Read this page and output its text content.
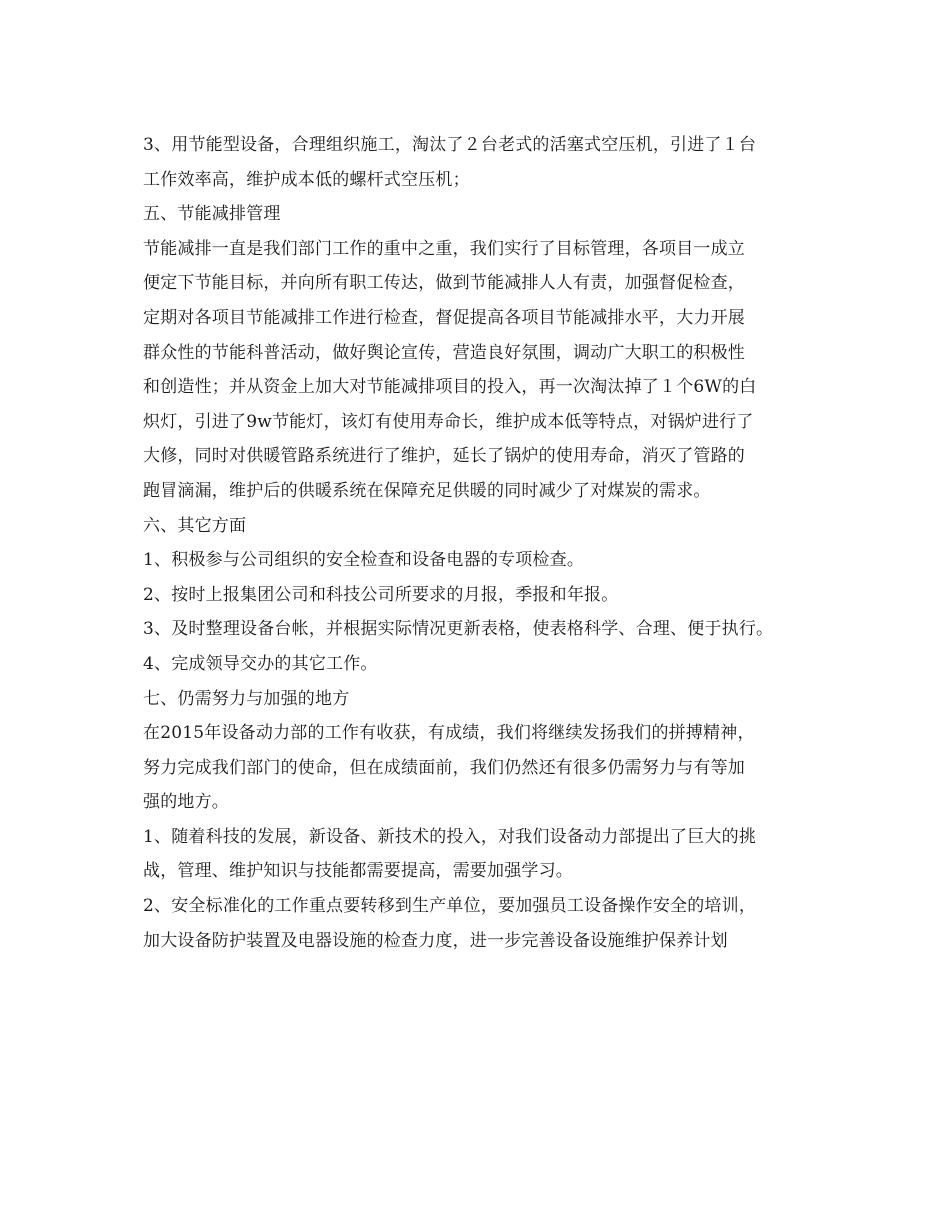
3、用节能型设备，合理组织施工，淘汰了２台老式的活塞式空压机，引进了１台
工作效率高，维护成本低的螺杆式空压机；
五、节能减排管理
节能减排一直是我们部门工作的重中之重，我们实行了目标管理，各项目一成立
便定下节能目标，并向所有职工传达，做到节能减排人人有责，加强督促检查，
定期对各项目节能减排工作进行检查，督促提高各项目节能减排水平，大力开展
群众性的节能科普活动，做好舆论宣传，营造良好氛围，调动广大职工的积极性
和创造性；并从资金上加大对节能减排项目的投入，再一次淘汰掉了１个6W的白
炽灯，引进了9w节能灯，该灯有使用寿命长，维护成本低等特点，对锅炉进行了
大修，同时对供暖管路系统进行了维护，延长了锅炉的使用寿命，消灭了管路的
跑冒滴漏，维护后的供暖系统在保障充足供暖的同时减少了对煤炭的需求。
六、其它方面
1、积极参与公司组织的安全检查和设备电器的专项检查。
2、按时上报集团公司和科技公司所要求的月报，季报和年报。
3、及时整理设备台帐，并根据实际情况更新表格，使表格科学、合理、便于执行。
4、完成领导交办的其它工作。
七、仍需努力与加强的地方
在2015年设备动力部的工作有收获，有成绩，我们将继续发扬我们的拼搏精神，
努力完成我们部门的使命，但在成绩面前，我们仍然还有很多仍需努力与有等加
强的地方。
1、随着科技的发展，新设备、新技术的投入，对我们设备动力部提出了巨大的挑
战，管理、维护知识与技能都需要提高，需要加强学习。
2、安全标准化的工作重点要转移到生产单位，要加强员工设备操作安全的培训，
加大设备防护装置及电器设施的检查力度，进一步完善设备设施维护保养计划
